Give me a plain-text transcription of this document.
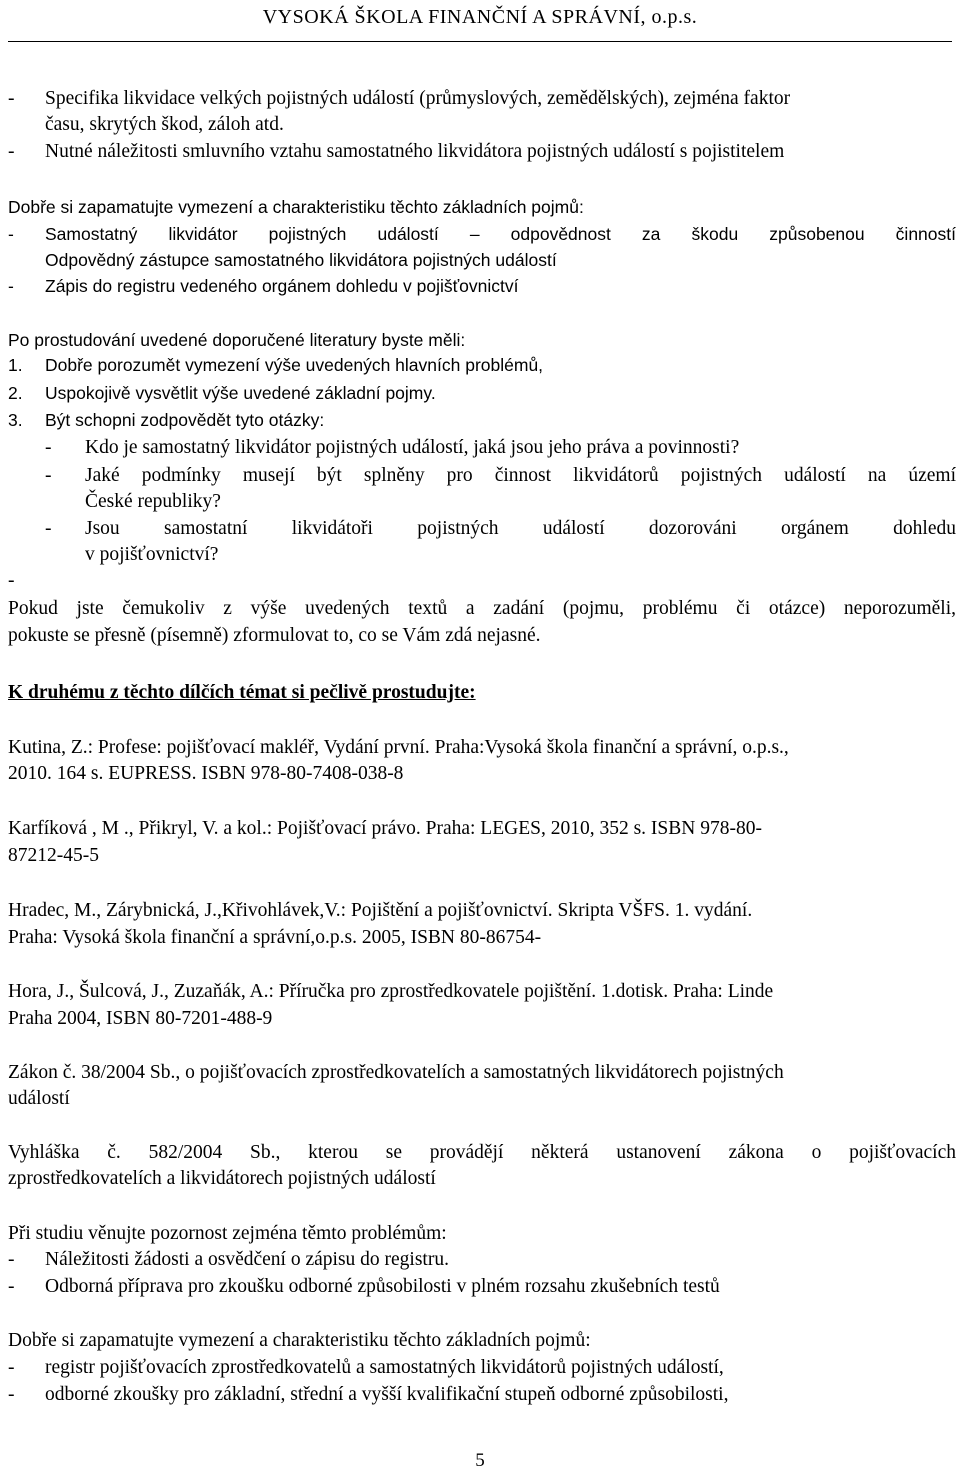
VYSOKÁ ŠKOLA FINANČNÍ A SPRÁVNÍ, o.p.s.
- Specifika likvidace velkých pojistných událostí (průmyslových, zemědělských), zejména faktor
času, skrytých škod, záloh atd.
- Nutné náležitosti smluvního vztahu samostatného likvidátora pojistných událostí s pojistitelem
Dobře si zapamatujte vymezení a charakteristiku těchto základních pojmů:
- Samostatný likvidátor pojistných událostí – odpovědnost za škodu způsobenou činností
Odpovědný zástupce samostatného likvidátora pojistných událostí
- Zápis do registru vedeného orgánem dohledu v pojišťovnictví
Po prostudování uvedené doporučené literatury byste měli:
1. Dobře porozumět vymezení výše uvedených hlavních problémů,
2. Uspokojivě vysvětlit výše uvedené základní pojmy.
3. Být schopni zodpovědět tyto otázky:
-	Kdo je samostatný likvidátor pojistných událostí, jaká jsou jeho práva a povinnosti?
-	Jaké podmínky musejí být splněny pro činnost likvidátorů pojistných událostí na území
České republiky?
-	Jsou samostatní likvidátoři pojistných událostí dozorováni orgánem dohledu
v pojišťovnictví?
-
Pokud jste čemukoliv z výše uvedených textů a zadání (pojmu, problému či otázce) neporozuměli,
pokuste se přesně (písemně) zformulovat to, co se Vám zdá nejasné.
K druhému z těchto dílčích témat si pečlivě prostudujte:
Kutina, Z.: Profese: pojišťovací makléř, Vydání první. Praha:Vysoká škola finanční a správní, o.p.s.,
2010. 164 s. EUPRESS. ISBN 978-80-7408-038-8
Karfíková , M ., Přikryl, V. a kol.: Pojišťovací právo. Praha: LEGES, 2010, 352 s. ISBN 978-80-
87212-45-5
Hradec, M., Zárybnická, J.,Křivohlávek,V.: Pojištění a pojišťovnictví. Skripta VŠFS. 1. vydání.
Praha: Vysoká škola finanční a správní,o.p.s. 2005, ISBN 80-86754-
Hora, J., Šulcová, J., Zuzaňák, A.: Příručka pro zprostředkovatele pojištění. 1.dotisk. Praha: Linde
Praha 2004, ISBN 80-7201-488-9
Zákon č. 38/2004 Sb., o pojišťovacích zprostředkovatelích a samostatných likvidátorech pojistných
událostí
Vyhláška č. 582/2004 Sb., kterou se provádějí některá ustanovení zákona o pojišťovacích
zprostředkovatelích a likvidátorech pojistných událostí
Při studiu věnujte pozornost zejména těmto problémům:
- Náležitosti žádosti a osvědčení o zápisu do registru.
- Odborná příprava pro zkoušku odborné způsobilosti v plném rozsahu zkušebních testů
Dobře si zapamatujte vymezení a charakteristiku těchto základních pojmů:
- registr pojišťovacích zprostředkovatelů a samostatných likvidátorů pojistných událostí,
- odborné zkoušky pro základní, střední a vyšší kvalifikační stupeň odborné způsobilosti,
5
